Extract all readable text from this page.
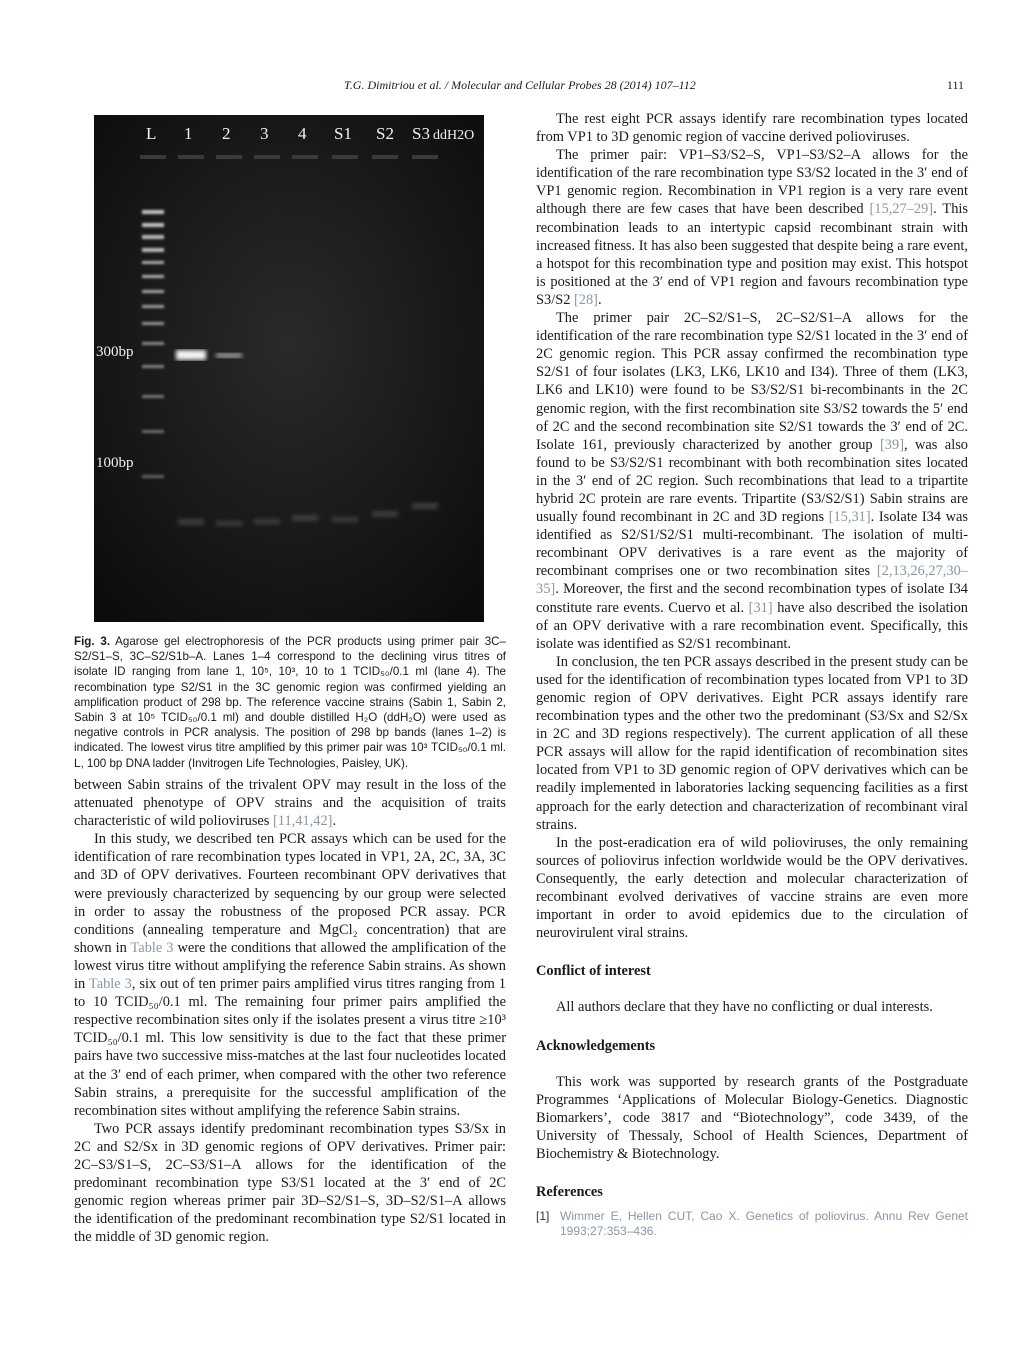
T.G. Dimitriou et al. / Molecular and Cellular Probes 28 (2014) 107–112	111
L 1 2 3 4 S1 S2 S3 ddH2O
300bp
100bp
Fig. 3. Agarose gel electrophoresis of the PCR products using primer pair 3C–S2/S1–S, 3C–S2/S1b–A. Lanes 1–4 correspond to the declining virus titres of isolate ID ranging from lane 1, 10⁵, 10³, 10 to 1 TCID₅₀/0.1 ml (lane 4). The recombination type S2/S1 in the 3C genomic region was confirmed yielding an amplification product of 298 bp. The reference vaccine strains (Sabin 1, Sabin 2, Sabin 3 at 10⁵ TCID₅₀/0.1 ml) and double distilled H₂O (ddH₂O) were used as negative controls in PCR analysis. The position of 298 bp bands (lanes 1–2) is indicated. The lowest virus titre amplified by this primer pair was 10³ TCID₅₀/0.1 ml. L, 100 bp DNA ladder (Invitrogen Life Technologies, Paisley, UK).

between Sabin strains of the trivalent OPV may result in the loss of the attenuated phenotype of OPV strains and the acquisition of traits characteristic of wild polioviruses [11,41,42].

In this study, we described ten PCR assays which can be used for the identification of rare recombination types located in VP1, 2A, 2C, 3A, 3C and 3D of OPV derivatives. Fourteen recombinant OPV derivatives that were previously characterized by sequencing by our group were selected in order to assay the robustness of the proposed PCR assay. PCR conditions (annealing temperature and MgCl₂ concentration) that are shown in Table 3 were the conditions that allowed the amplification of the lowest virus titre without amplifying the reference Sabin strains. As shown in Table 3, six out of ten primer pairs amplified virus titres ranging from 1 to 10 TCID₅₀/0.1 ml. The remaining four primer pairs amplified the respective recombination sites only if the isolates present a virus titre ≥10³ TCID₅₀/0.1 ml. This low sensitivity is due to the fact that these primer pairs have two successive miss-matches at the last four nucleotides located at the 3′ end of each primer, when compared with the other two reference Sabin strains, a prerequisite for the successful amplification of the recombination sites without amplifying the reference Sabin strains.

Two PCR assays identify predominant recombination types S3/Sx in 2C and S2/Sx in 3D genomic regions of OPV derivatives. Primer pair: 2C–S3/S1–S, 2C–S3/S1–A allows for the identification of the predominant recombination type S3/S1 located at the 3′ end of 2C genomic region whereas primer pair 3D–S2/S1–S, 3D–S2/S1–A allows the identification of the predominant recombination type S2/S1 located in the middle of 3D genomic region.

The rest eight PCR assays identify rare recombination types located from VP1 to 3D genomic region of vaccine derived polioviruses.

The primer pair: VP1–S3/S2–S, VP1–S3/S2–A allows for the identification of the rare recombination type S3/S2 located in the 3′ end of VP1 genomic region. Recombination in VP1 region is a very rare event although there are few cases that have been described [15,27–29]. This recombination leads to an intertypic capsid recombinant strain with increased fitness. It has also been suggested that despite being a rare event, a hotspot for this recombination type and position may exist. This hotspot is positioned at the 3′ end of VP1 region and favours recombination type S3/S2 [28].

The primer pair 2C–S2/S1–S, 2C–S2/S1–A allows for the identification of the rare recombination type S2/S1 located in the 3′ end of 2C genomic region. This PCR assay confirmed the recombination type S2/S1 of four isolates (LK3, LK6, LK10 and I34). Three of them (LK3, LK6 and LK10) were found to be S3/S2/S1 bi-recombinants in the 2C genomic region, with the first recombination site S3/S2 towards the 5′ end of 2C and the second recombination site S2/S1 towards the 3′ end of 2C. Isolate 161, previously characterized by another group [39], was also found to be S3/S2/S1 recombinant with both recombination sites located in the 3′ end of 2C region. Such recombinations that lead to a tripartite hybrid 2C protein are rare events. Tripartite (S3/S2/S1) Sabin strains are usually found recombinant in 2C and 3D regions [15,31]. Isolate I34 was identified as S2/S1/S2/S1 multi-recombinant. The isolation of multi-recombinant OPV derivatives is a rare event as the majority of recombinant comprises one or two recombination sites [2,13,26,27,30–35]. Moreover, the first and the second recombination types of isolate I34 constitute rare events. Cuervo et al. [31] have also described the isolation of an OPV derivative with a rare recombination event. Specifically, this isolate was identified as S2/S1 recombinant.

In conclusion, the ten PCR assays described in the present study can be used for the identification of recombination types located from VP1 to 3D genomic region of OPV derivatives. Eight PCR assays identify rare recombination types and the other two the predominant (S3/Sx and S2/Sx in 2C and 3D regions respectively). The current application of all these PCR assays will allow for the rapid identification of recombination sites located from VP1 to 3D genomic region of OPV derivatives which can be readily implemented in laboratories lacking sequencing facilities as a first approach for the early detection and characterization of recombinant viral strains.

In the post-eradication era of wild polioviruses, the only remaining sources of poliovirus infection worldwide would be the OPV derivatives. Consequently, the early detection and molecular characterization of recombinant evolved derivatives of vaccine strains are even more important in order to avoid epidemics due to the circulation of neurovirulent viral strains.

Conflict of interest

All authors declare that they have no conflicting or dual interests.

Acknowledgements

This work was supported by research grants of the Postgraduate Programmes ‘Applications of Molecular Biology-Genetics. Diagnostic Biomarkers’, code 3817 and “Biotechnology”, code 3439, of the University of Thessaly, School of Health Sciences, Department of Biochemistry & Biotechnology.

References
[1] Wimmer E, Hellen CUT, Cao X. Genetics of poliovirus. Annu Rev Genet 1993;27:353–436.
